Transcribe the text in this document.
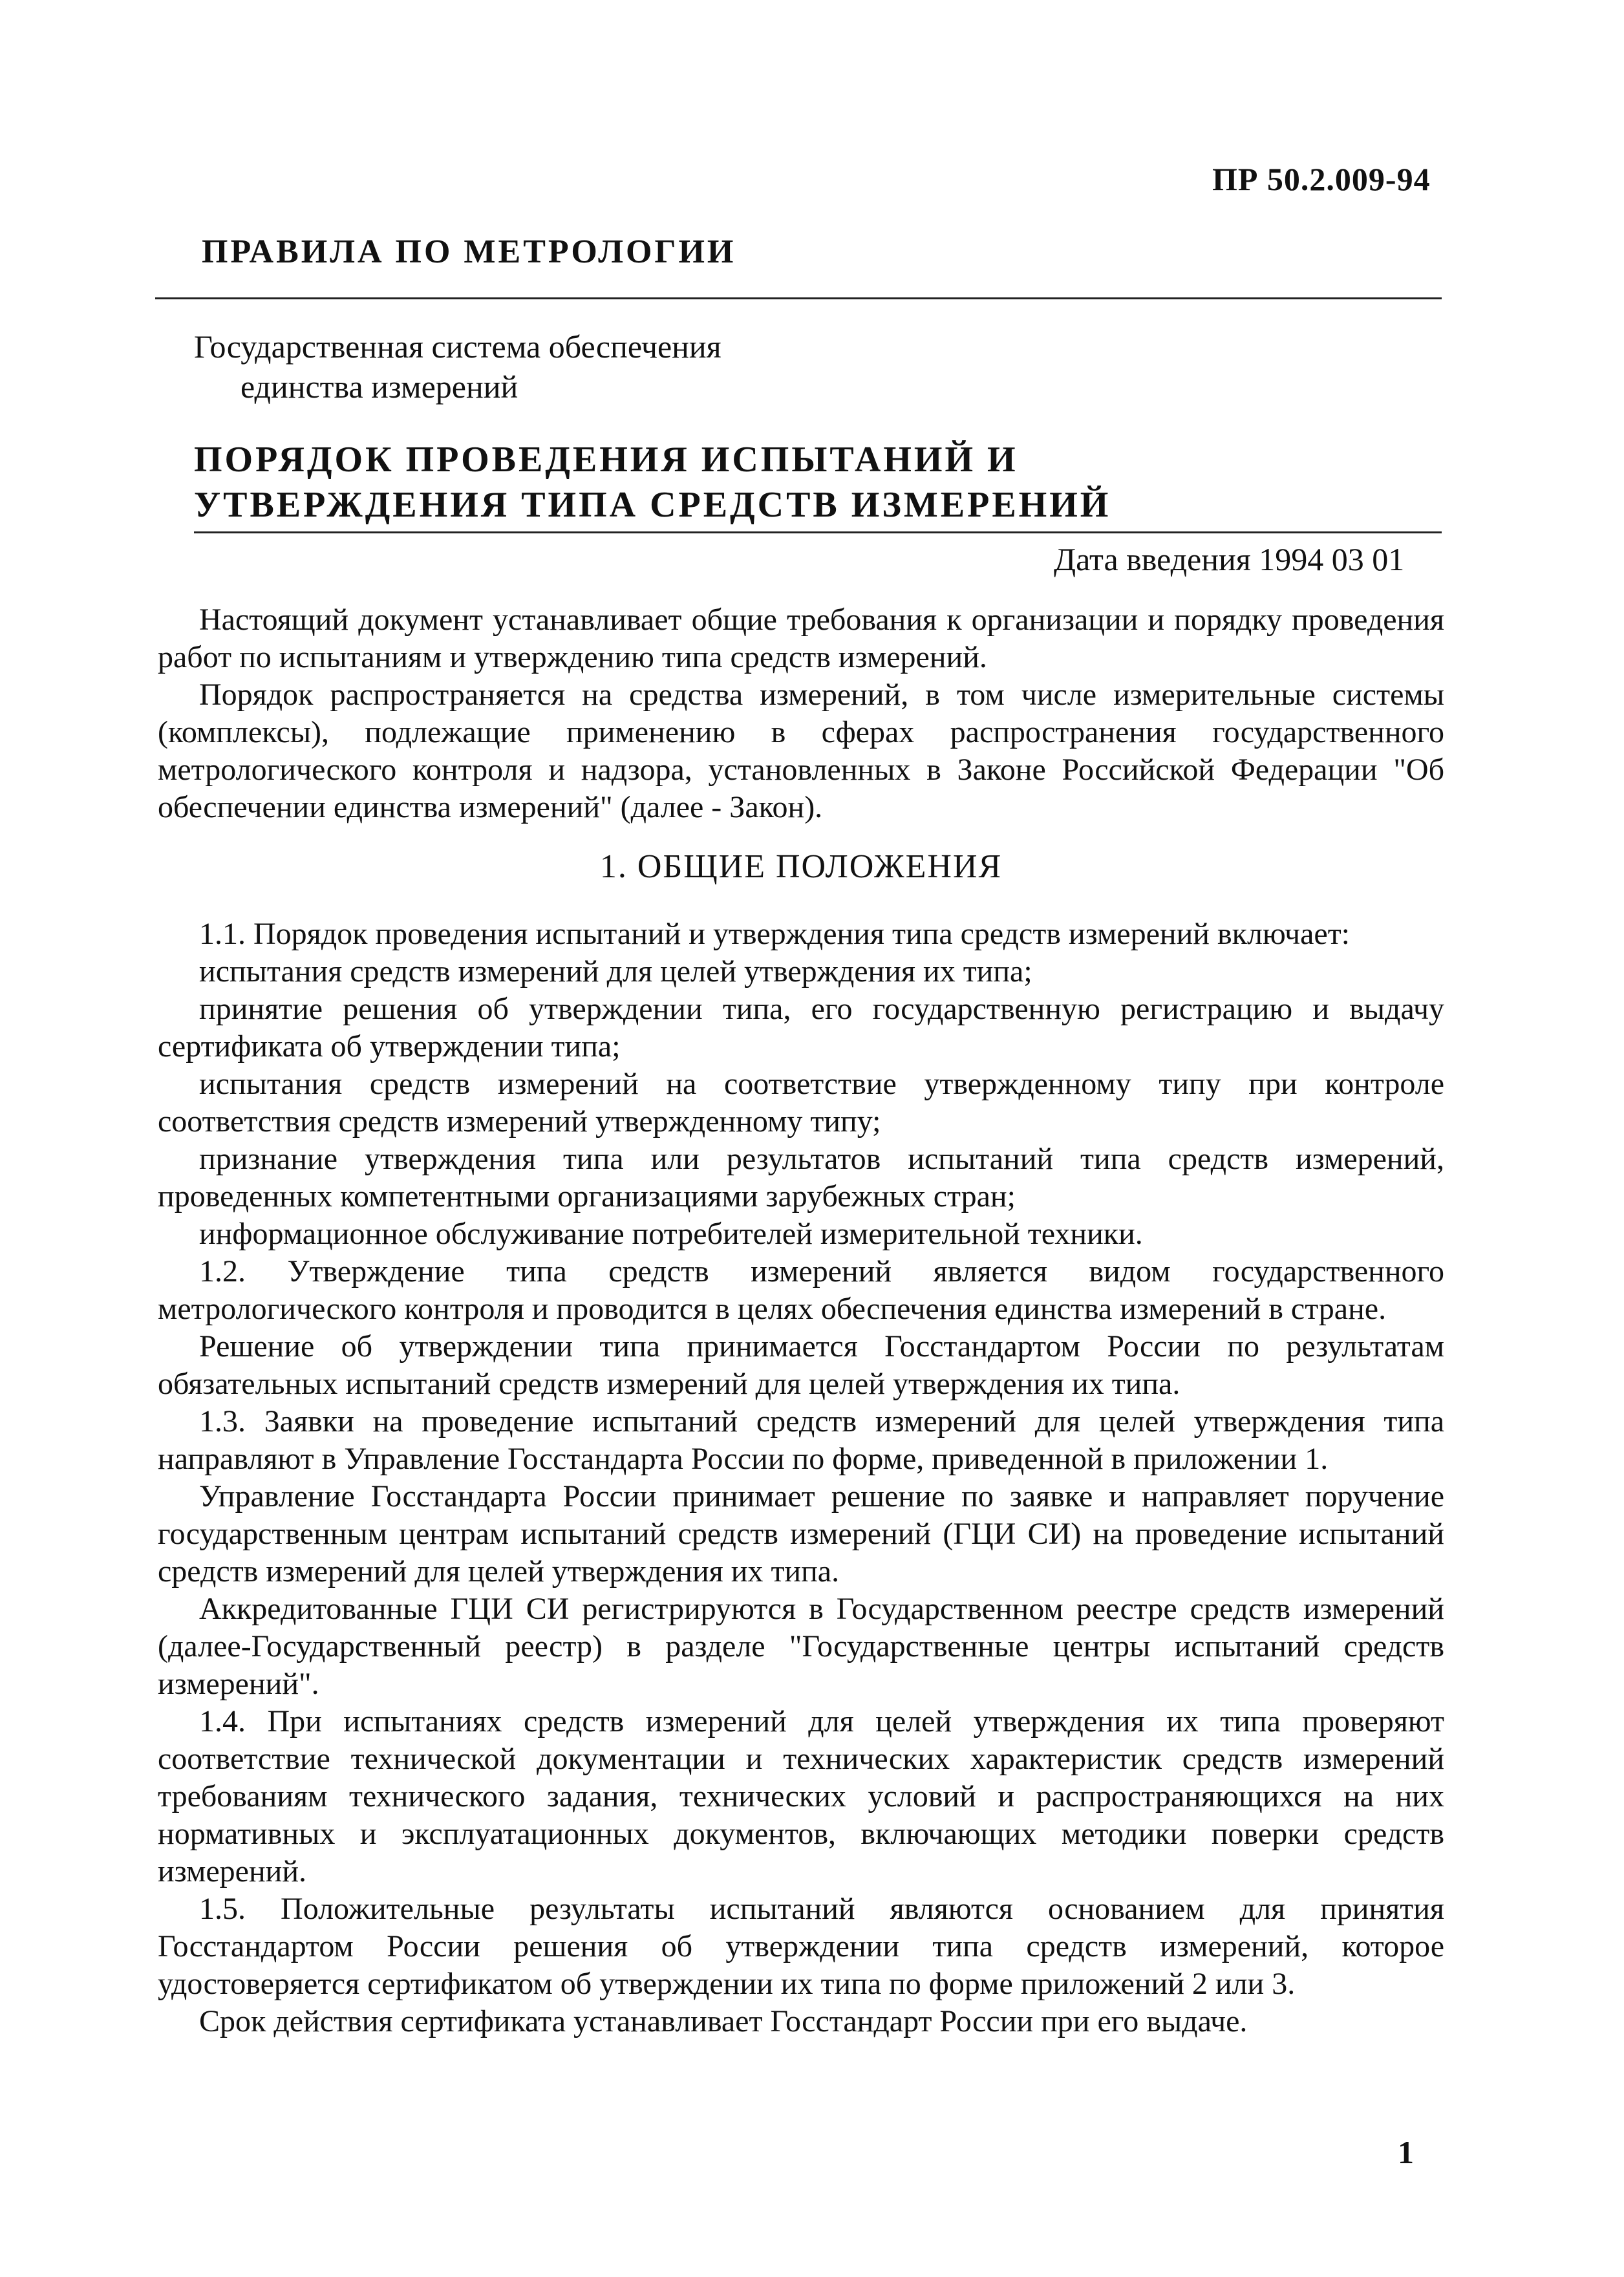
ПР 50.2.009-94
ПРАВИЛА ПО МЕТРОЛОГИИ
Государственная система обеспечения
единства измерений
ПОРЯДОК ПРОВЕДЕНИЯ ИСПЫТАНИЙ И
УТВЕРЖДЕНИЯ ТИПА СРЕДСТВ ИЗМЕРЕНИЙ
Дата введения 1994 03 01

Настоящий документ устанавливает общие требования к организации и порядку проведения работ по испытаниям и утверждению типа средств измерений.

Порядок распространяется на средства измерений, в том числе измерительные системы (комплексы), подлежащие применению в сферах распространения государственного метрологического контроля и надзора, установленных в Законе Российской Федерации "Об обеспечении единства измерений" (далее - Закон).

1. ОБЩИЕ ПОЛОЖЕНИЯ

1.1. Порядок проведения испытаний и утверждения типа средств измерений включает:

испытания средств измерений для целей утверждения их типа;

принятие решения об утверждении типа, его государственную регистрацию и выдачу сертификата об утверждении типа;

испытания средств измерений на соответствие утвержденному типу при контроле соответствия средств измерений утвержденному типу;

признание утверждения типа или результатов испытаний типа средств измерений, проведенных компетентными организациями зарубежных стран;

информационное обслуживание потребителей измерительной техники.

1.2. Утверждение типа средств измерений является видом государственного метрологического контроля и проводится в целях обеспечения единства измерений в стране.

Решение об утверждении типа принимается Госстандартом России по результатам обязательных испытаний средств измерений для целей утверждения их типа.

1.3. Заявки на проведение испытаний средств измерений для целей утверждения типа направляют в Управление Госстандарта России по форме, приведенной в приложении 1.

Управление Госстандарта России принимает решение по заявке и направляет поручение государственным центрам испытаний средств измерений (ГЦИ СИ) на проведение испытаний средств измерений для целей утверждения их типа.

Аккредитованные ГЦИ СИ регистрируются в Государственном реестре средств измерений (далее-Государственный реестр) в разделе "Государственные центры испытаний средств измерений".

1.4. При испытаниях средств измерений для целей утверждения их типа проверяют соответствие технической документации и технических характеристик средств измерений требованиям технического задания, технических условий и распространяющихся на них нормативных и эксплуатационных документов, включающих методики поверки средств измерений.

1.5. Положительные результаты испытаний являются основанием для принятия Госстандартом России решения об утверждении типа средств измерений, которое удостоверяется сертификатом об утверждении их типа по форме приложений 2 или 3.

Срок действия сертификата устанавливает Госстандарт России при его выдаче.

1
